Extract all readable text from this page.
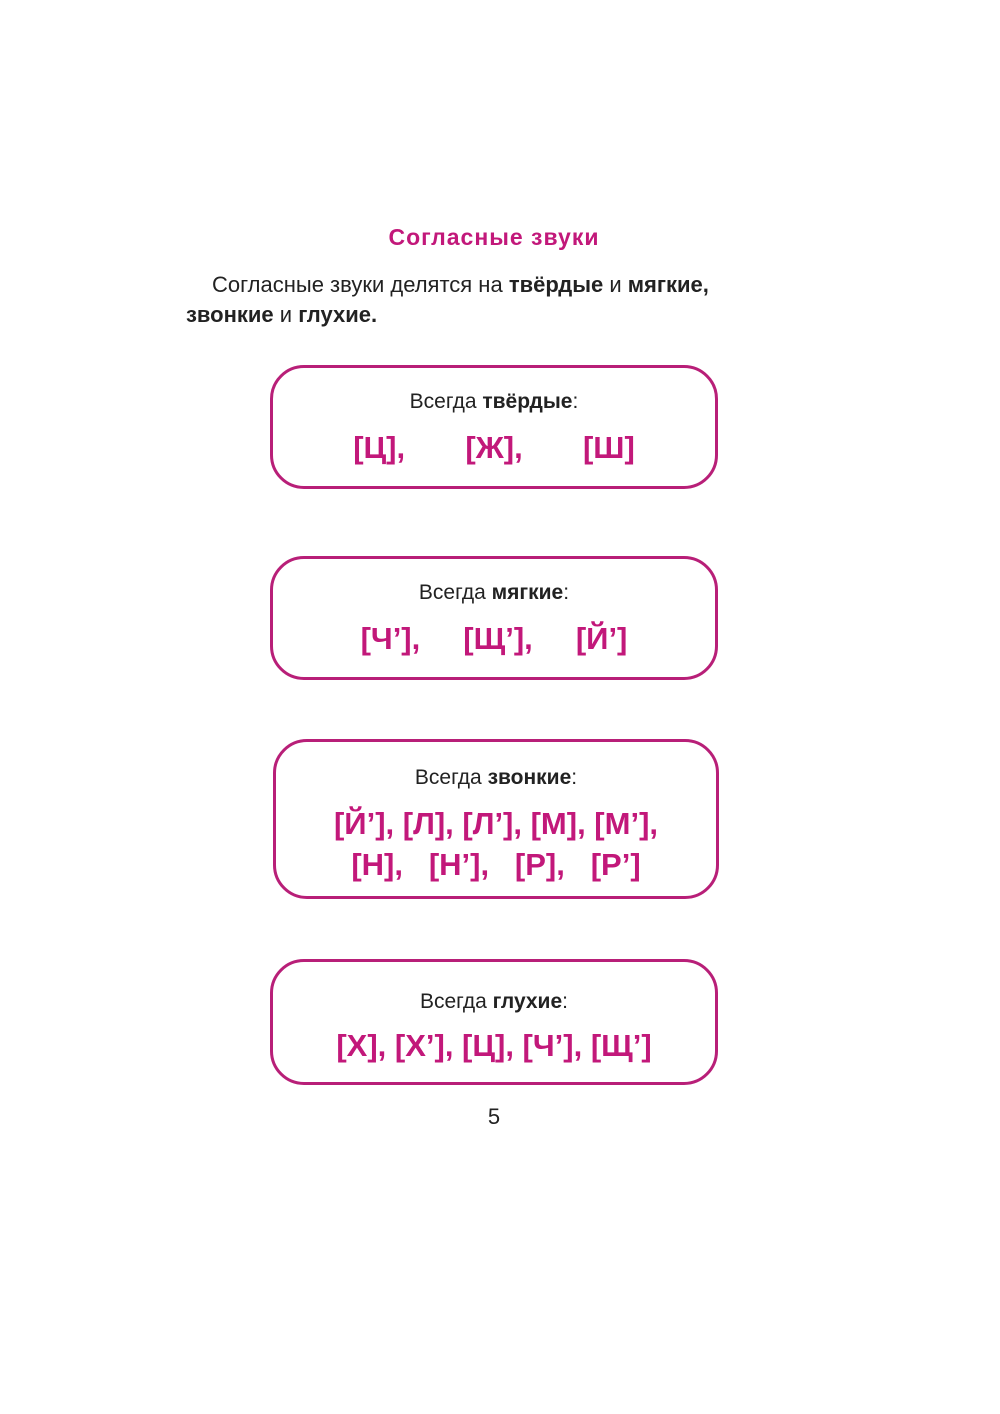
Согласные звуки
Согласные звуки делятся на твёрдые и мягкие,
звонкие и глухие.
Всегда твёрдые:
[Ц],       [Ж],       [Ш]
Всегда мягкие:
[Ч’],     [Щ’],     [Й’]
Всегда звонкие:
[Й’], [Л], [Л’], [М], [М’],
[Н],   [Н’],   [Р],   [Р’]
Всегда глухие:
[Х], [Х’], [Ц], [Ч’], [Щ’]
5
